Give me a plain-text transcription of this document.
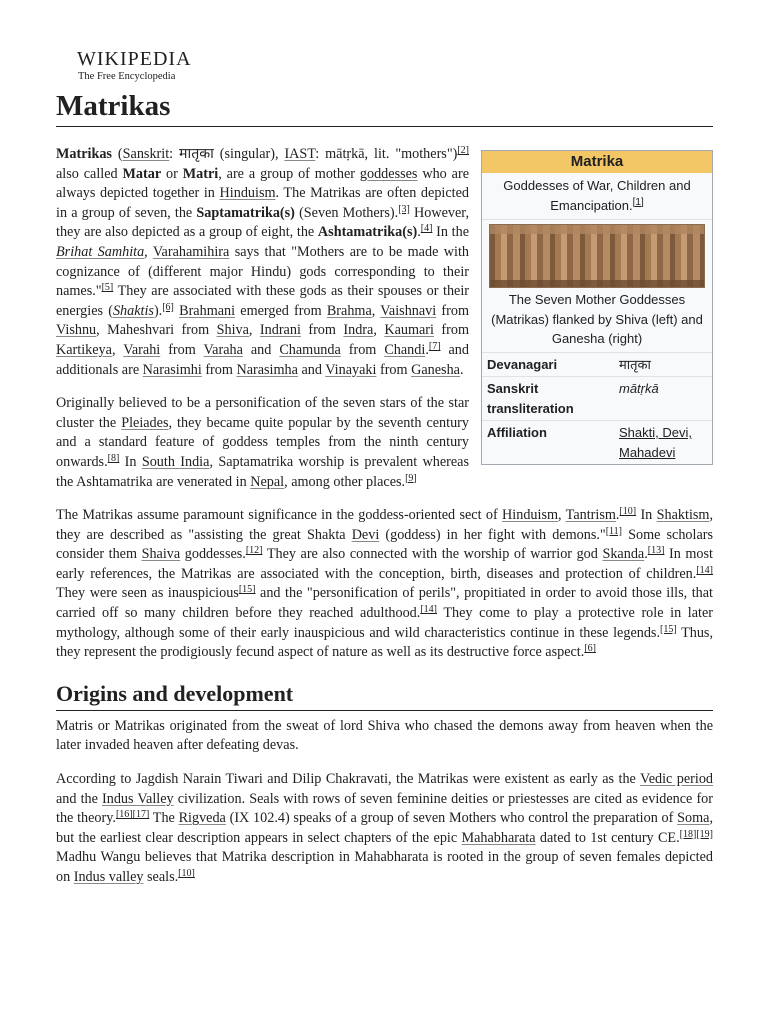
WIKIPEDIA
The Free Encyclopedia
Matrikas
Matrika
Goddesses of War, Children and Emancipation.[1]
The Seven Mother Goddesses (Matrikas) flanked by Shiva (left) and Ganesha (right)
Devanagari	मातृका
Sanskrit transliteration
mātṛkā
Affiliation	Shakti, Devi, Mahadevi

Matrikas (Sanskrit: मातृका (singular), IAST: mātṛkā, lit. "mothers")[2] also called Matar or Matri, are a group of mother goddesses who are always depicted together in Hinduism. The Matrikas are often depicted in a group of seven, the Saptamatrika(s) (Seven Mothers).[3] However, they are also depicted as a group of eight, the Ashtamatrika(s).[4] In the Brihat Samhita, Varahamihira says that "Mothers are to be made with cognizance of (different major Hindu) gods corresponding to their names."[5] They are associated with these gods as their spouses or their energies (Shaktis).[6] Brahmani emerged from Brahma, Vaishnavi from Vishnu, Maheshvari from Shiva, Indrani from Indra, Kaumari from Kartikeya, Varahi from Varaha and Chamunda from Chandi.[7] and additionals are Narasimhi from Narasimha and Vinayaki from Ganesha.

Originally believed to be a personification of the seven stars of the star cluster the Pleiades, they became quite popular by the seventh century and a standard feature of goddess temples from the ninth century onwards.[8] In South India, Saptamatrika worship is prevalent whereas the Ashtamatrika are venerated in Nepal, among other places.[9]

The Matrikas assume paramount significance in the goddess-oriented sect of Hinduism, Tantrism.[10] In Shaktism, they are described as "assisting the great Shakta Devi (goddess) in her fight with demons."[11] Some scholars consider them Shaiva goddesses.[12] They are also connected with the worship of warrior god Skanda.[13] In most early references, the Matrikas are associated with the conception, birth, diseases and protection of children.[14] They were seen as inauspicious[15] and the "personification of perils", propitiated in order to avoid those ills, that carried off so many children before they reached adulthood.[14] They come to play a protective role in later mythology, although some of their early inauspicious and wild characteristics continue in these legends.[15] Thus, they represent the prodigiously fecund aspect of nature as well as its destructive force aspect.[6]

Origins and development

Matris or Matrikas originated from the sweat of lord Shiva who chased the demons away from heaven when the later invaded heaven after defeating devas.

According to Jagdish Narain Tiwari and Dilip Chakravati, the Matrikas were existent as early as the Vedic period and the Indus Valley civilization. Seals with rows of seven feminine deities or priestesses are cited as evidence for the theory.[16][17] The Rigveda (IX 102.4) speaks of a group of seven Mothers who control the preparation of Soma, but the earliest clear description appears in select chapters of the epic Mahabharata dated to 1st century CE.[18][19] Madhu Wangu believes that Matrika description in Mahabharata is rooted in the group of seven females depicted on Indus valley seals.[10]
